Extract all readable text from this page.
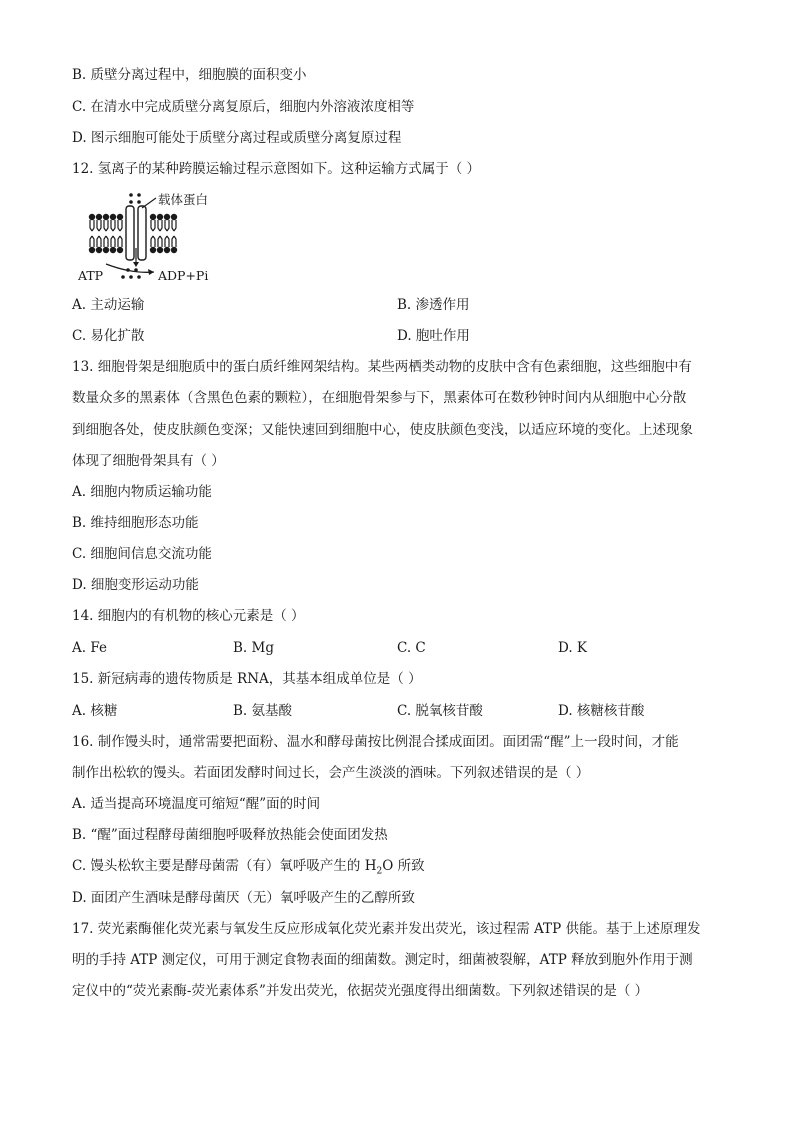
B. 质壁分离过程中，细胞膜的面积变小
C. 在清水中完成质壁分离复原后，细胞内外溶液浓度相等
D. 图示细胞可能处于质壁分离过程或质壁分离复原过程
12. 氢离子的某种跨膜运输过程示意图如下。这种运输方式属于（ ）
载体蛋白
ATP	ADP+Pi
A. 主动运输	B. 渗透作用
C. 易化扩散	D. 胞吐作用
13. 细胞骨架是细胞质中的蛋白质纤维网架结构。某些两栖类动物的皮肤中含有色素细胞，这些细胞中有
数量众多的黑素体（含黑色色素的颗粒），在细胞骨架参与下，黑素体可在数秒钟时间内从细胞中心分散
到细胞各处，使皮肤颜色变深；又能快速回到细胞中心，使皮肤颜色变浅，以适应环境的变化。上述现象
体现了细胞骨架具有（ ）
A. 细胞内物质运输功能
B. 维持细胞形态功能
C. 细胞间信息交流功能
D. 细胞变形运动功能
14. 细胞内的有机物的核心元素是（ ）
A. Fe	B. Mg	C. C	D. K
15. 新冠病毒的遗传物质是 RNA，其基本组成单位是（ ）
A. 核糖	B. 氨基酸	C. 脱氧核苷酸	D. 核糖核苷酸
16. 制作馒头时，通常需要把面粉、温水和酵母菌按比例混合揉成面团。面团需“醒”上一段时间，才能
制作出松软的馒头。若面团发酵时间过长，会产生淡淡的酒味。下列叙述错误的是（ ）
A. 适当提高环境温度可缩短“醒”面的时间
B. “醒”面过程酵母菌细胞呼吸释放热能会使面团发热
C. 馒头松软主要是酵母菌需（有）氧呼吸产生的 $H_2O$ 所致
D. 面团产生酒味是酵母菌厌（无）氧呼吸产生的乙醇所致
17. 荧光素酶催化荧光素与氧发生反应形成氧化荧光素并发出荧光，该过程需 ATP 供能。基于上述原理发
明的手持 ATP 测定仪，可用于测定食物表面的细菌数。测定时，细菌被裂解，ATP 释放到胞外作用于测
定仪中的“荧光素酶-荧光素体系”并发出荧光，依据荧光强度得出细菌数。下列叙述错误的是（ ）
